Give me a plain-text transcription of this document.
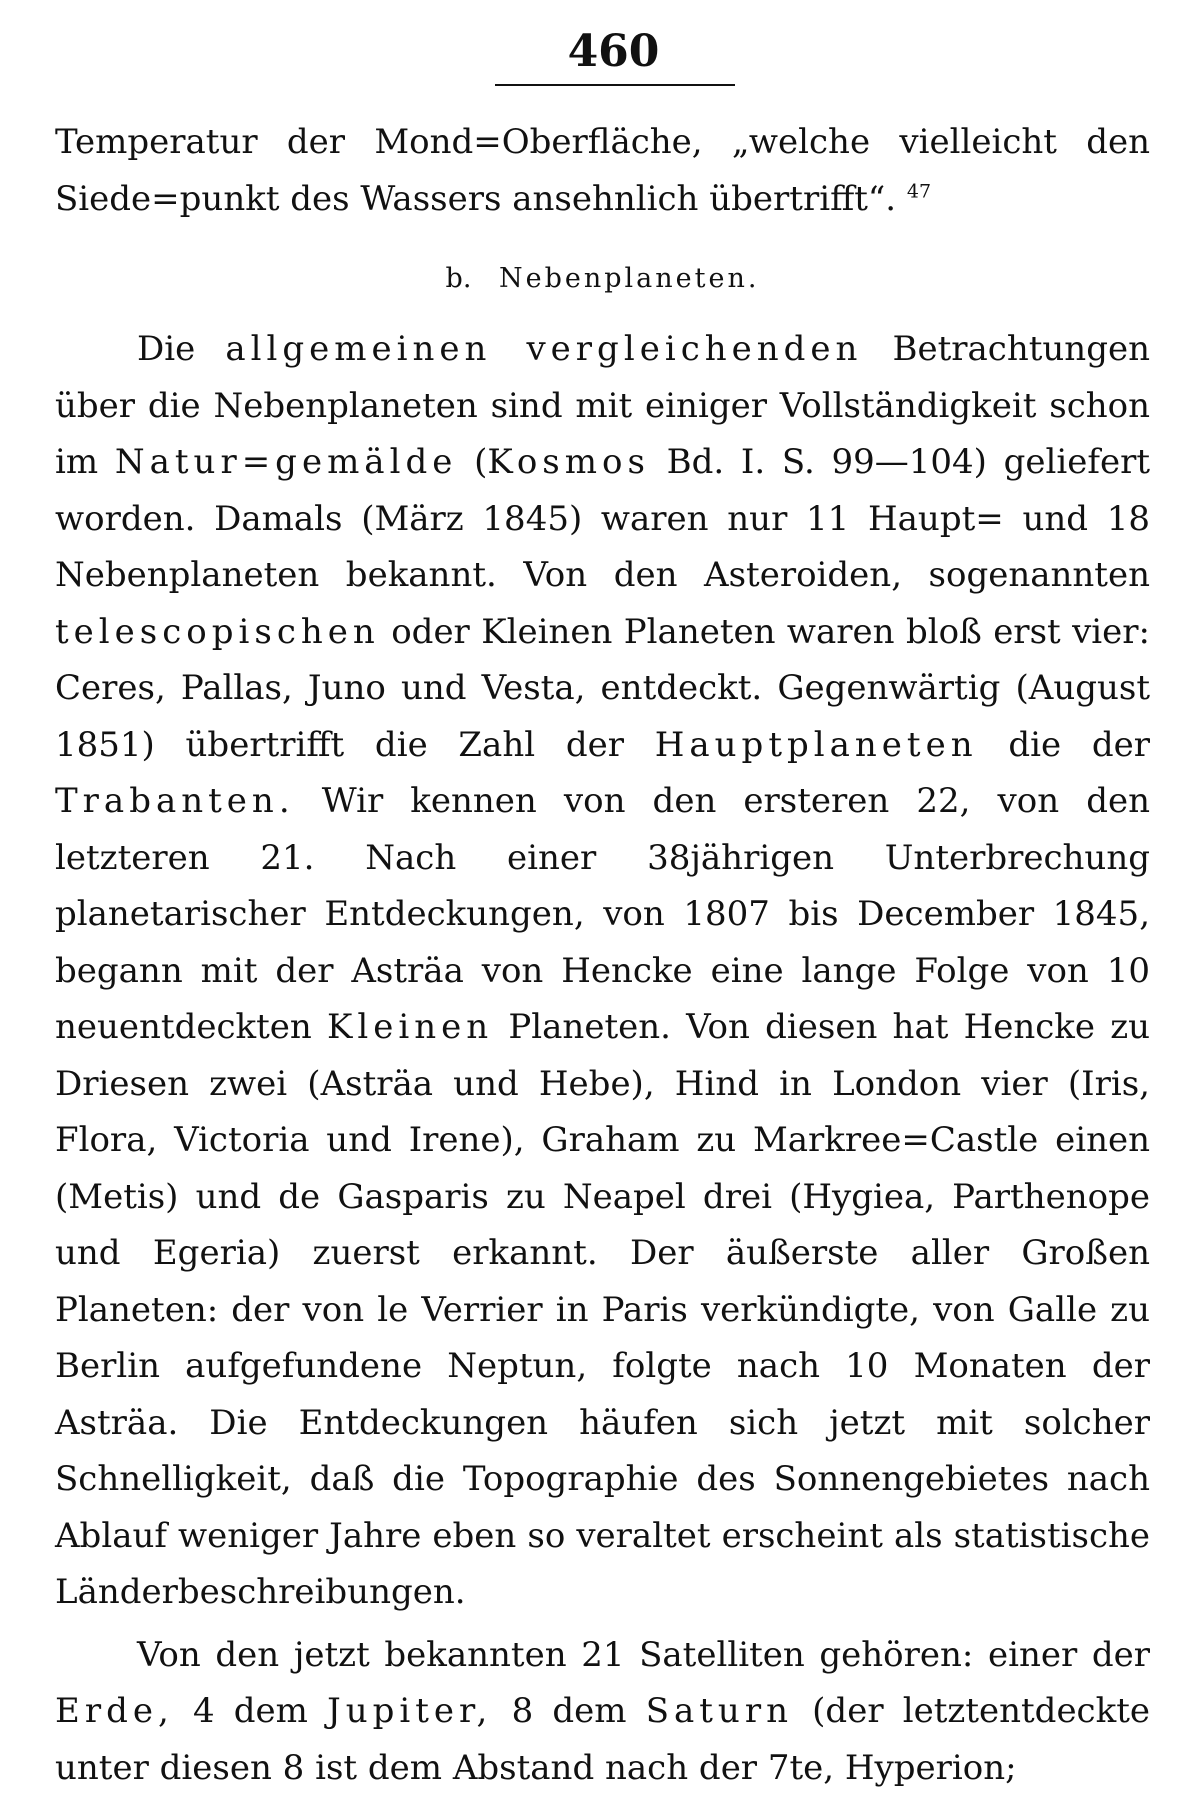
460

Temperatur der Mond=Oberfläche, „welche vielleicht den Siede=punkt des Wassers ansehnlich übertrifft“. $^{47}$

b. Nebenplaneten.

Die allgemeinen vergleichenden Betrachtungen über die Nebenplaneten sind mit einiger Vollständigkeit schon im Natur=gemälde (Kosmos Bd. I. S. 99—104) geliefert worden. Damals (März 1845) waren nur 11 Haupt= und 18 Nebenplaneten bekannt. Von den Asteroiden, sogenannten telescopischen oder Kleinen Planeten waren bloß erst vier: Ceres, Pallas, Juno und Vesta, entdeckt. Gegenwärtig (August 1851) übertrifft die Zahl der Hauptplaneten die der Trabanten. Wir kennen von den ersteren 22, von den letzteren 21. Nach einer 38jährigen Unterbrechung planetarischer Entdeckungen, von 1807 bis December 1845, begann mit der Asträa von Hencke eine lange Folge von 10 neuentdeckten Kleinen Planeten. Von diesen hat Hencke zu Driesen zwei (Asträa und Hebe), Hind in London vier (Iris, Flora, Victoria und Irene), Graham zu Markree=Castle einen (Metis) und de Gasparis zu Neapel drei (Hygiea, Parthenope und Egeria) zuerst erkannt. Der äußerste aller Großen Planeten: der von le Verrier in Paris verkündigte, von Galle zu Berlin aufgefundene Neptun, folgte nach 10 Monaten der Asträa. Die Entdeckungen häufen sich jetzt mit solcher Schnelligkeit, daß die Topographie des Sonnengebietes nach Ablauf weniger Jahre eben so veraltet erscheint als statistische Länderbeschreibungen.

Von den jetzt bekannten 21 Satelliten gehören: einer der Erde, 4 dem Jupiter, 8 dem Saturn (der letztentdeckte unter diesen 8 ist dem Abstand nach der 7te, Hyperion;
